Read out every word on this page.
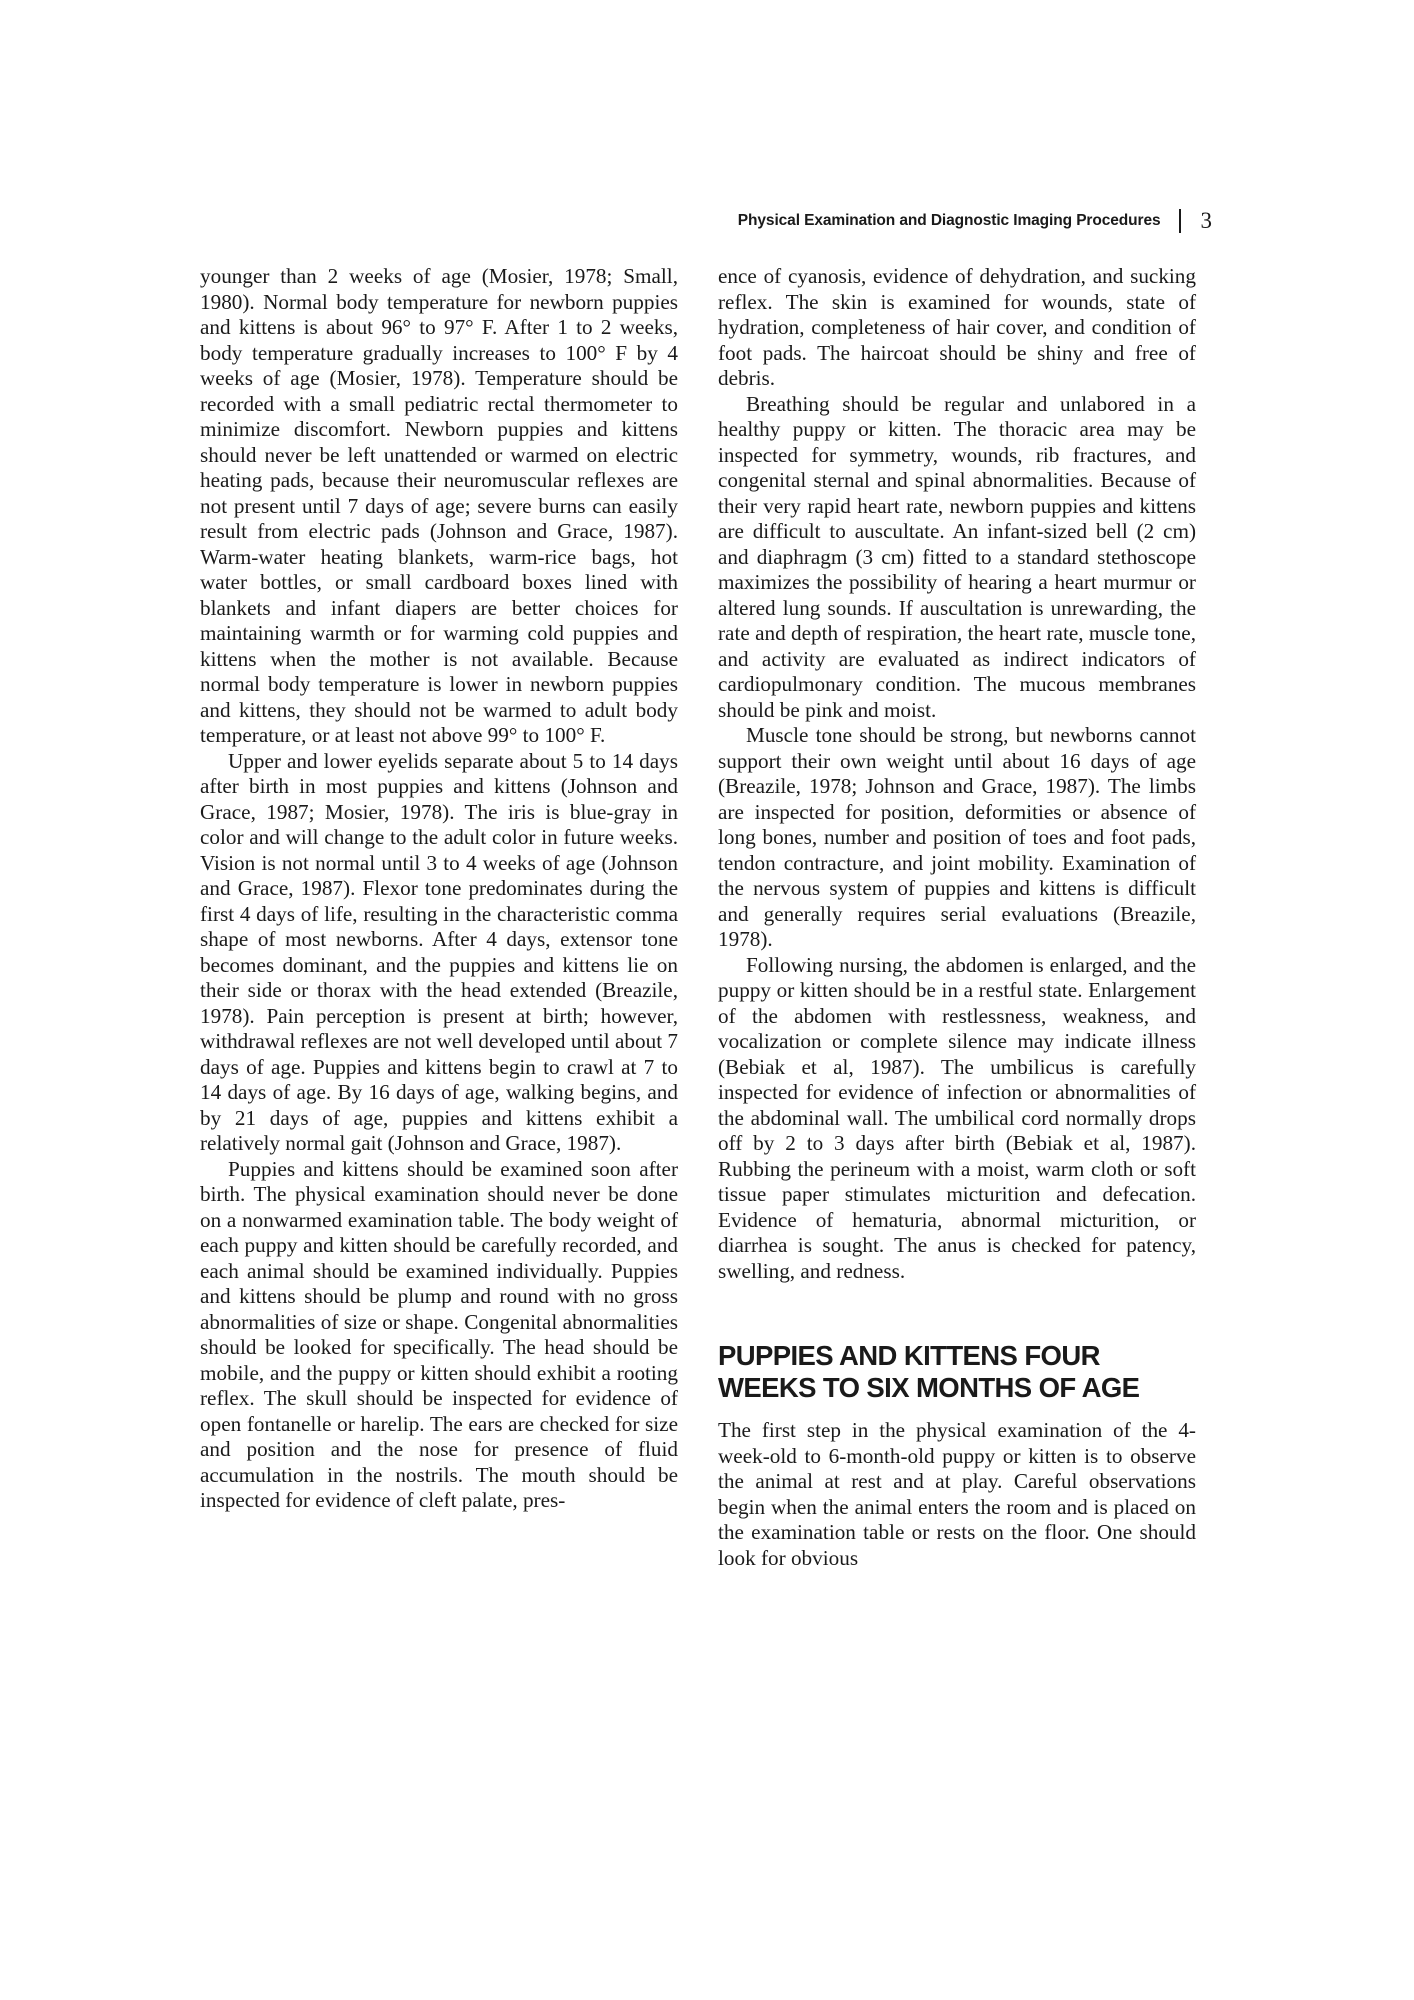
Physical Examination and Diagnostic Imaging Procedures 3

younger than 2 weeks of age (Mosier, 1978; Small, 1980). Normal body temperature for newborn puppies and kittens is about 96° to 97° F. After 1 to 2 weeks, body temperature gradually increases to 100° F by 4 weeks of age (Mosier, 1978). Temperature should be recorded with a small pediatric rectal thermometer to minimize discomfort. Newborn puppies and kittens should never be left unattended or warmed on electric heating pads, because their neuromuscular reflexes are not present until 7 days of age; severe burns can easily result from electric pads (Johnson and Grace, 1987). Warm-water heating blankets, warm-rice bags, hot water bottles, or small cardboard boxes lined with blankets and infant diapers are better choices for maintaining warmth or for warming cold puppies and kittens when the mother is not available. Because normal body temperature is lower in newborn puppies and kittens, they should not be warmed to adult body temperature, or at least not above 99° to 100° F.

Upper and lower eyelids separate about 5 to 14 days after birth in most puppies and kittens (Johnson and Grace, 1987; Mosier, 1978). The iris is blue-gray in color and will change to the adult color in future weeks. Vision is not normal until 3 to 4 weeks of age (Johnson and Grace, 1987). Flexor tone predominates during the first 4 days of life, resulting in the characteristic comma shape of most newborns. After 4 days, extensor tone becomes dominant, and the puppies and kittens lie on their side or thorax with the head extended (Breazile, 1978). Pain perception is present at birth; however, withdrawal reflexes are not well developed until about 7 days of age. Puppies and kittens begin to crawl at 7 to 14 days of age. By 16 days of age, walking begins, and by 21 days of age, puppies and kittens exhibit a relatively normal gait (Johnson and Grace, 1987).

Puppies and kittens should be examined soon after birth. The physical examination should never be done on a nonwarmed examination table. The body weight of each puppy and kitten should be carefully recorded, and each animal should be examined individually. Puppies and kittens should be plump and round with no gross abnormalities of size or shape. Congenital abnormalities should be looked for specifically. The head should be mobile, and the puppy or kitten should exhibit a rooting reflex. The skull should be inspected for evidence of open fontanelle or harelip. The ears are checked for size and position and the nose for presence of fluid accumulation in the nostrils. The mouth should be inspected for evidence of cleft palate, pres-

ence of cyanosis, evidence of dehydration, and sucking reflex. The skin is examined for wounds, state of hydration, completeness of hair cover, and condition of foot pads. The haircoat should be shiny and free of debris.

Breathing should be regular and unlabored in a healthy puppy or kitten. The thoracic area may be inspected for symmetry, wounds, rib fractures, and congenital sternal and spinal abnormalities. Because of their very rapid heart rate, newborn puppies and kittens are difficult to auscultate. An infant-sized bell (2 cm) and diaphragm (3 cm) fitted to a standard stethoscope maximizes the possibility of hearing a heart murmur or altered lung sounds. If auscultation is unrewarding, the rate and depth of respiration, the heart rate, muscle tone, and activity are evaluated as indirect indicators of cardiopulmonary condition. The mucous membranes should be pink and moist.

Muscle tone should be strong, but newborns cannot support their own weight until about 16 days of age (Breazile, 1978; Johnson and Grace, 1987). The limbs are inspected for position, deformities or absence of long bones, number and position of toes and foot pads, tendon contracture, and joint mobility. Examination of the nervous system of puppies and kittens is difficult and generally requires serial evaluations (Breazile, 1978).

Following nursing, the abdomen is enlarged, and the puppy or kitten should be in a restful state. Enlargement of the abdomen with restlessness, weakness, and vocalization or complete silence may indicate illness (Bebiak et al, 1987). The umbilicus is carefully inspected for evidence of infection or abnormalities of the abdominal wall. The umbilical cord normally drops off by 2 to 3 days after birth (Bebiak et al, 1987). Rubbing the perineum with a moist, warm cloth or soft tissue paper stimulates micturition and defecation. Evidence of hematuria, abnormal micturition, or diarrhea is sought. The anus is checked for patency, swelling, and redness.

PUPPIES AND KITTENS FOUR WEEKS TO SIX MONTHS OF AGE

The first step in the physical examination of the 4-week-old to 6-month-old puppy or kitten is to observe the animal at rest and at play. Careful observations begin when the animal enters the room and is placed on the examination table or rests on the floor. One should look for obvious
